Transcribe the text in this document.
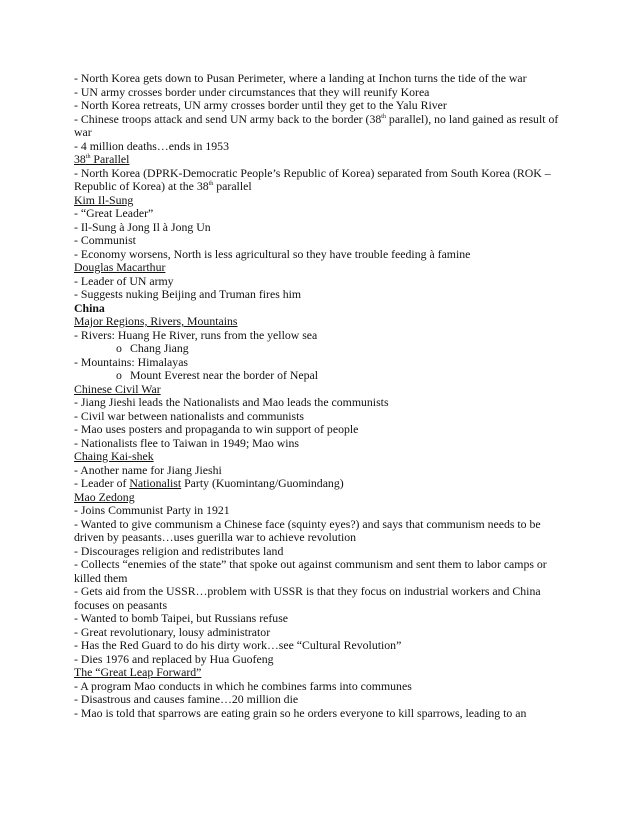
- North Korea gets down to Pusan Perimeter, where a landing at Inchon turns the tide of the war
- UN army crosses border under circumstances that they will reunify Korea
- North Korea retreats, UN army crosses border until they get to the Yalu River
- Chinese troops attack and send UN army back to the border (38th parallel), no land gained as result of war
- 4 million deaths…ends in 1953
38th Parallel
- North Korea (DPRK-Democratic People’s Republic of Korea) separated from South Korea (ROK – Republic of Korea) at the 38th parallel
Kim Il-Sung
- “Great Leader”
- Il-Sung à Jong Il à Jong Un
- Communist
- Economy worsens, North is less agricultural so they have trouble feeding à famine
Douglas Macarthur
- Leader of UN army
- Suggests nuking Beijing and Truman fires him
China
Major Regions, Rivers, Mountains
- Rivers: Huang He River, runs from the yellow sea
o Chang Jiang
- Mountains: Himalayas
o Mount Everest near the border of Nepal
Chinese Civil War
- Jiang Jieshi leads the Nationalists and Mao leads the communists
- Civil war between nationalists and communists
- Mao uses posters and propaganda to win support of people
- Nationalists flee to Taiwan in 1949; Mao wins
Chaing Kai-shek
- Another name for Jiang Jieshi
- Leader of Nationalist Party (Kuomintang/Guomindang)
Mao Zedong
- Joins Communist Party in 1921
- Wanted to give communism a Chinese face (squinty eyes?) and says that communism needs to be driven by peasants…uses guerilla war to achieve revolution
- Discourages religion and redistributes land
- Collects “enemies of the state” that spoke out against communism and sent them to labor camps or killed them
- Gets aid from the USSR…problem with USSR is that they focus on industrial workers and China focuses on peasants
- Wanted to bomb Taipei, but Russians refuse
- Great revolutionary, lousy administrator
- Has the Red Guard to do his dirty work…see “Cultural Revolution”
- Dies 1976 and replaced by Hua Guofeng
The “Great Leap Forward”
- A program Mao conducts in which he combines farms into communes
- Disastrous and causes famine…20 million die
- Mao is told that sparrows are eating grain so he orders everyone to kill sparrows, leading to an
